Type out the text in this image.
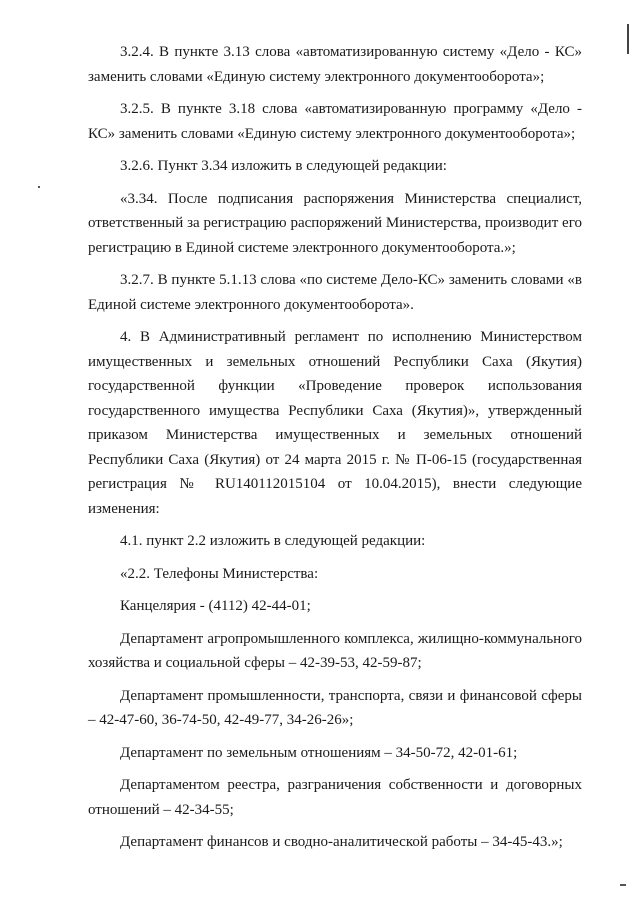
3.2.4. В пункте 3.13 слова «автоматизированную систему «Дело - КС» заменить словами «Единую систему электронного документооборота»;

3.2.5. В пункте 3.18 слова «автоматизированную программу «Дело - КС» заменить словами «Единую систему электронного документооборота»;

3.2.6. Пункт 3.34 изложить в следующей редакции:

«3.34. После подписания распоряжения Министерства специалист, ответственный за регистрацию распоряжений Министерства, производит его регистрацию в Единой системе электронного документооборота.»;

3.2.7. В пункте 5.1.13 слова «по системе Дело-КС» заменить словами «в Единой системе электронного документооборота».

4. В Административный регламент по исполнению Министерством имущественных и земельных отношений Республики Саха (Якутия) государственной функции «Проведение проверок использования государственного имущества Республики Саха (Якутия)», утвержденный приказом Министерства имущественных и земельных отношений Республики Саха (Якутия) от 24 марта 2015 г. № П-06-15 (государственная регистрация № RU140112015104 от 10.04.2015), внести следующие изменения:

4.1. пункт 2.2 изложить в следующей редакции:

«2.2. Телефоны Министерства:

Канцелярия - (4112) 42-44-01;

Департамент агропромышленного комплекса, жилищно-коммунального хозяйства и социальной сферы – 42-39-53, 42-59-87;

Департамент промышленности, транспорта, связи и финансовой сферы – 42-47-60, 36-74-50, 42-49-77, 34-26-26»;

Департамент по земельным отношениям – 34-50-72, 42-01-61;

Департаментом реестра, разграничения собственности и договорных отношений – 42-34-55;

Департамент финансов и сводно-аналитической работы – 34-45-43.»;
